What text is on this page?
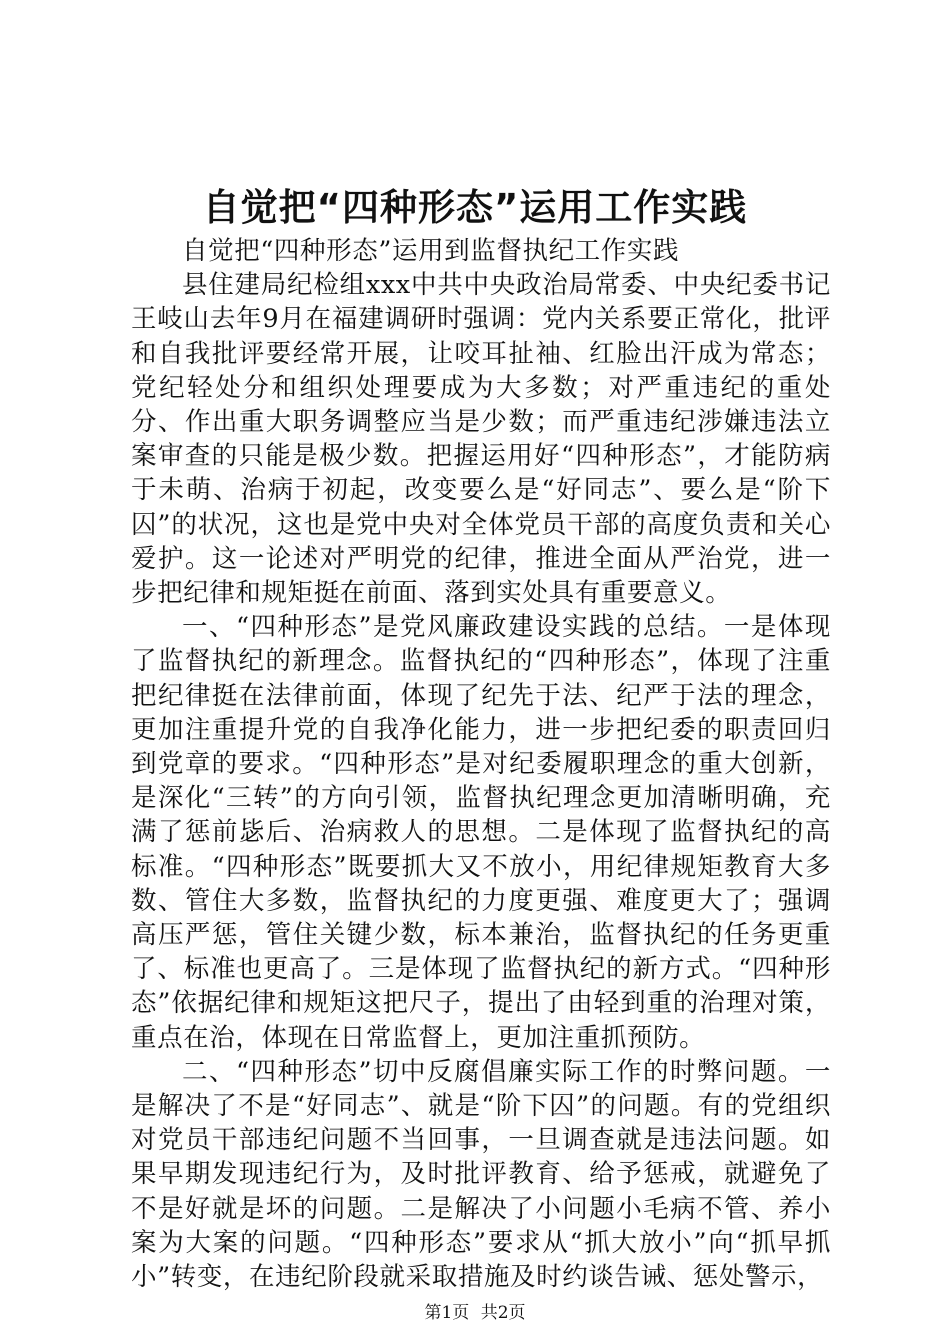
自觉把“四种形态”运用工作实践

自觉把“四种形态”运用到监督执纪工作实践

县住建局纪检组xxx中共中央政治局常委、中央纪委书记王岐山去年9月在福建调研时强调：党内关系要正常化，批评和自我批评要经常开展，让咬耳扯袖、红脸出汗成为常态；党纪轻处分和组织处理要成为大多数；对严重违纪的重处分、作出重大职务调整应当是少数；而严重违纪涉嫌违法立案审查的只能是极少数。把握运用好“四种形态”，才能防病于未萌、治病于初起，改变要么是“好同志”、要么是“阶下囚”的状况，这也是党中央对全体党员干部的高度负责和关心爱护。这一论述对严明党的纪律，推进全面从严治党，进一步把纪律和规矩挺在前面、落到实处具有重要意义。

一、“四种形态”是党风廉政建设实践的总结。一是体现了监督执纪的新理念。监督执纪的“四种形态”，体现了注重把纪律挺在法律前面，体现了纪先于法、纪严于法的理念，更加注重提升党的自我净化能力，进一步把纪委的职责回归到党章的要求。“四种形态”是对纪委履职理念的重大创新，是深化“三转”的方向引领，监督执纪理念更加清晰明确，充满了惩前毖后、治病救人的思想。二是体现了监督执纪的高标准。“四种形态”既要抓大又不放小，用纪律规矩教育大多数、管住大多数，监督执纪的力度更强、难度更大了；强调高压严惩，管住关键少数，标本兼治，监督执纪的任务更重了、标准也更高了。三是体现了监督执纪的新方式。“四种形态”依据纪律和规矩这把尺子，提出了由轻到重的治理对策，重点在治，体现在日常监督上，更加注重抓预防。

二、“四种形态”切中反腐倡廉实际工作的时弊问题。一是解决了不是“好同志”、就是“阶下囚”的问题。有的党组织对党员干部违纪问题不当回事，一旦调查就是违法问题。如果早期发现违纪行为，及时批评教育、给予惩戒，就避免了不是好就是坏的问题。二是解决了小问题小毛病不管、养小案为大案的问题。“四种形态”要求从“抓大放小”向“抓早抓小”转变，在违纪阶段就采取措施及时约谈告诫、惩处警示，

第1页 共2页
